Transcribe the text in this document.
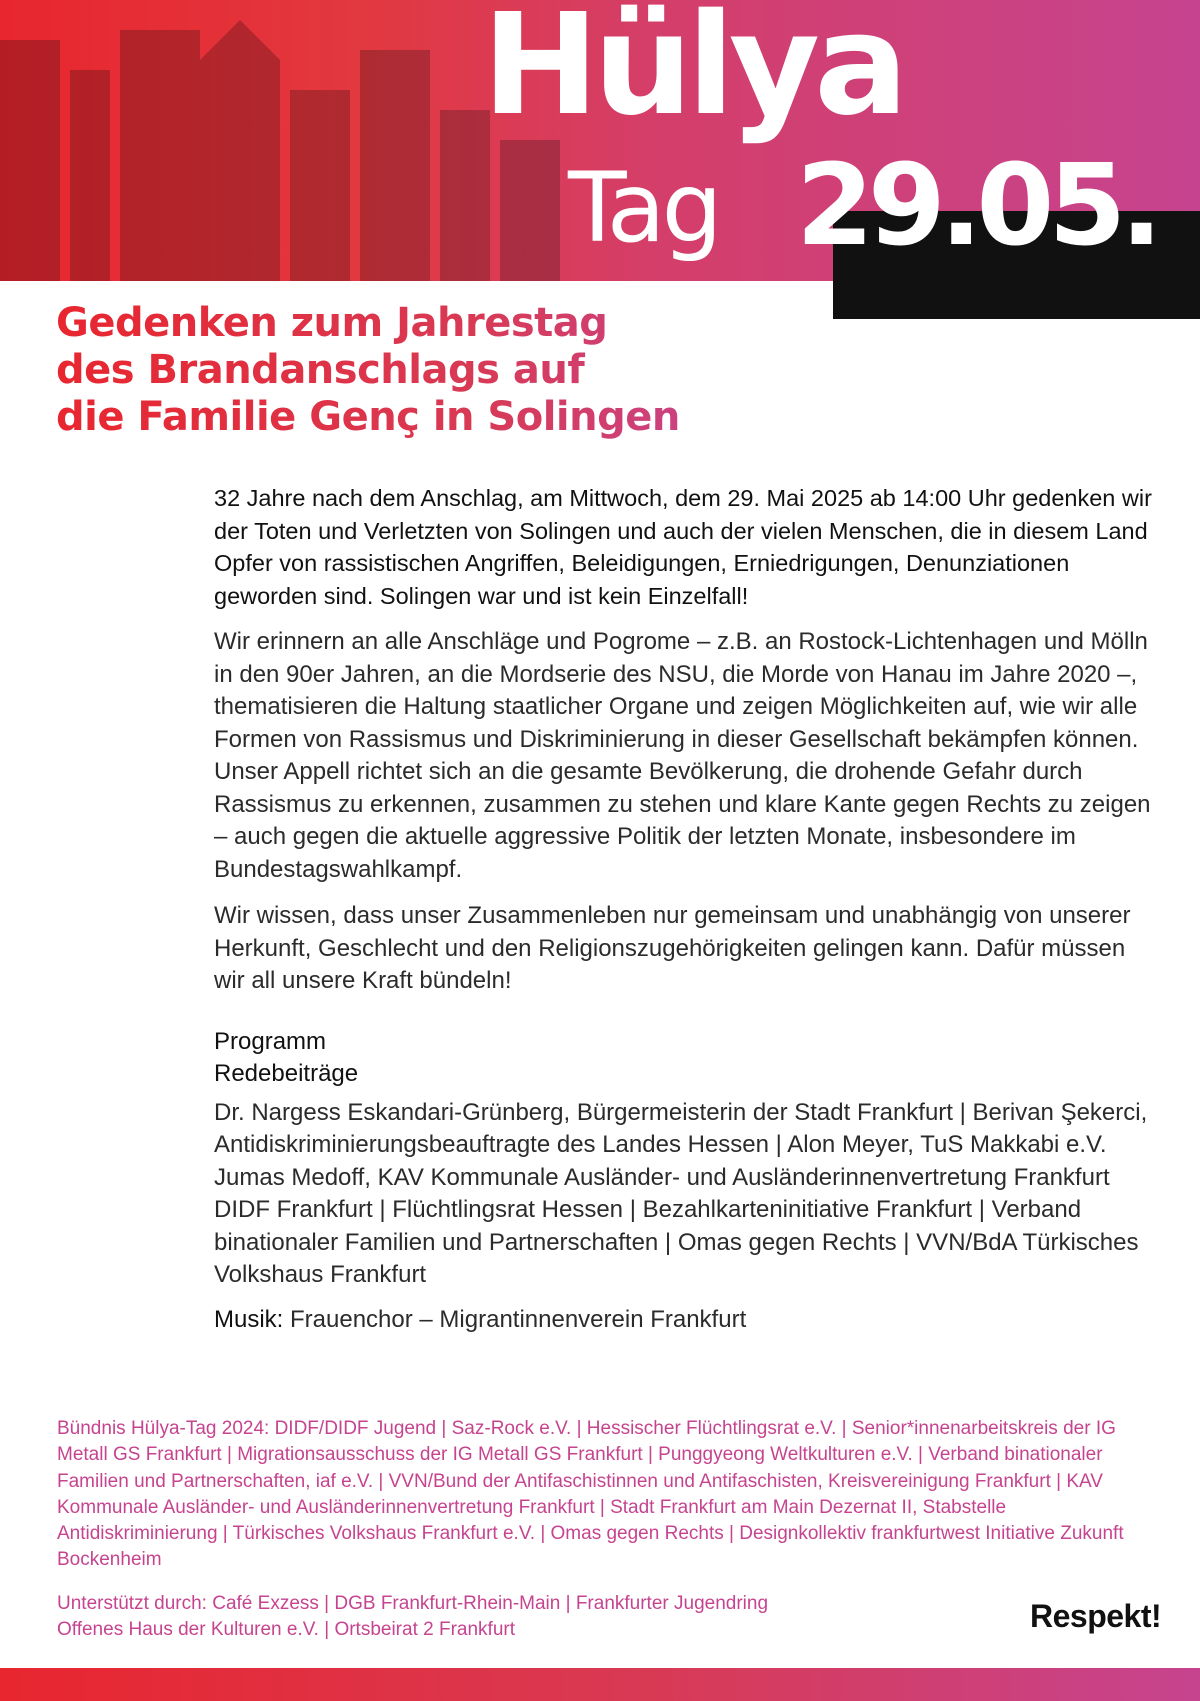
Hülya
Tag 29.05.
Gedenken zum Jahrestag
des Brandanschlags auf
die Familie Genç in Solingen

32 Jahre nach dem Anschlag, am Mittwoch, dem 29. Mai 2025 ab 14:00 Uhr gedenken wir der Toten und Verletzten von Solingen und auch der vielen Menschen, die in diesem Land Opfer von rassistischen Angriffen, Beleidigungen, Erniedrigungen, Denunziationen geworden sind. Solingen war und ist kein Einzelfall!

Wir erinnern an alle Anschläge und Pogrome – z.B. an Rostock-Lichtenhagen und Mölln in den 90er Jahren, an die Mordserie des NSU, die Morde von Hanau im Jahre 2020 –, thematisieren die Haltung staatlicher Organe und zeigen Möglichkeiten auf, wie wir alle Formen von Rassismus und Diskriminierung in dieser Gesellschaft bekämpfen können.

Unser Appell richtet sich an die gesamte Bevölkerung, die drohende Gefahr durch Rassismus zu erkennen, zusammen zu stehen und klare Kante gegen Rechts zu zeigen – auch gegen die aktuelle aggressive Politik der letzten Monate, insbesondere im Bundestagswahlkampf.

Wir wissen, dass unser Zusammenleben nur gemeinsam und unabhängig von unserer Herkunft, Geschlecht und den Religionszugehörigkeiten gelingen kann. Dafür müssen wir all unsere Kraft bündeln!

Programm
Redebeiträge

Dr. Nargess Eskandari-Grünberg, Bürgermeisterin der Stadt Frankfurt | Berivan Şekerci, Antidiskriminierungsbeauftragte des Landes Hessen | Alon Meyer, TuS Makkabi e.V. Jumas Medoff, KAV Kommunale Ausländer- und Ausländerinnenvertretung Frankfurt DIDF Frankfurt | Flüchtlingsrat Hessen | Bezahlkarteninitiative Frankfurt | Verband binationaler Familien und Partnerschaften | Omas gegen Rechts | VVN/BdA Türkisches Volkshaus Frankfurt

Musik: Frauenchor – Migrantinnenverein Frankfurt

Bündnis Hülya-Tag 2024: DIDF/DIDF Jugend | Saz-Rock e.V. | Hessischer Flüchtlingsrat e.V. | Senior*innenarbeitskreis der IG Metall GS Frankfurt | Migrationsausschuss der IG Metall GS Frankfurt | Punggyeong Weltkulturen e.V. | Verband binationaler Familien und Partnerschaften, iaf e.V. | VVN/Bund der Antifaschistinnen und Antifaschisten, Kreisvereinigung Frankfurt | KAV Kommunale Ausländer- und Ausländerinnenvertretung Frankfurt | Stadt Frankfurt am Main Dezernat II, Stabstelle Antidiskriminierung | Türkisches Volkshaus Frankfurt e.V. | Omas gegen Rechts | Designkollektiv frankfurtwest Initiative Zukunft Bockenheim

Unterstützt durch: Café Exzess | DGB Frankfurt-Rhein-Main | Frankfurter Jugendring
Offenes Haus der Kulturen e.V. | Ortsbeirat 2 Frankfurt	Respekt!
